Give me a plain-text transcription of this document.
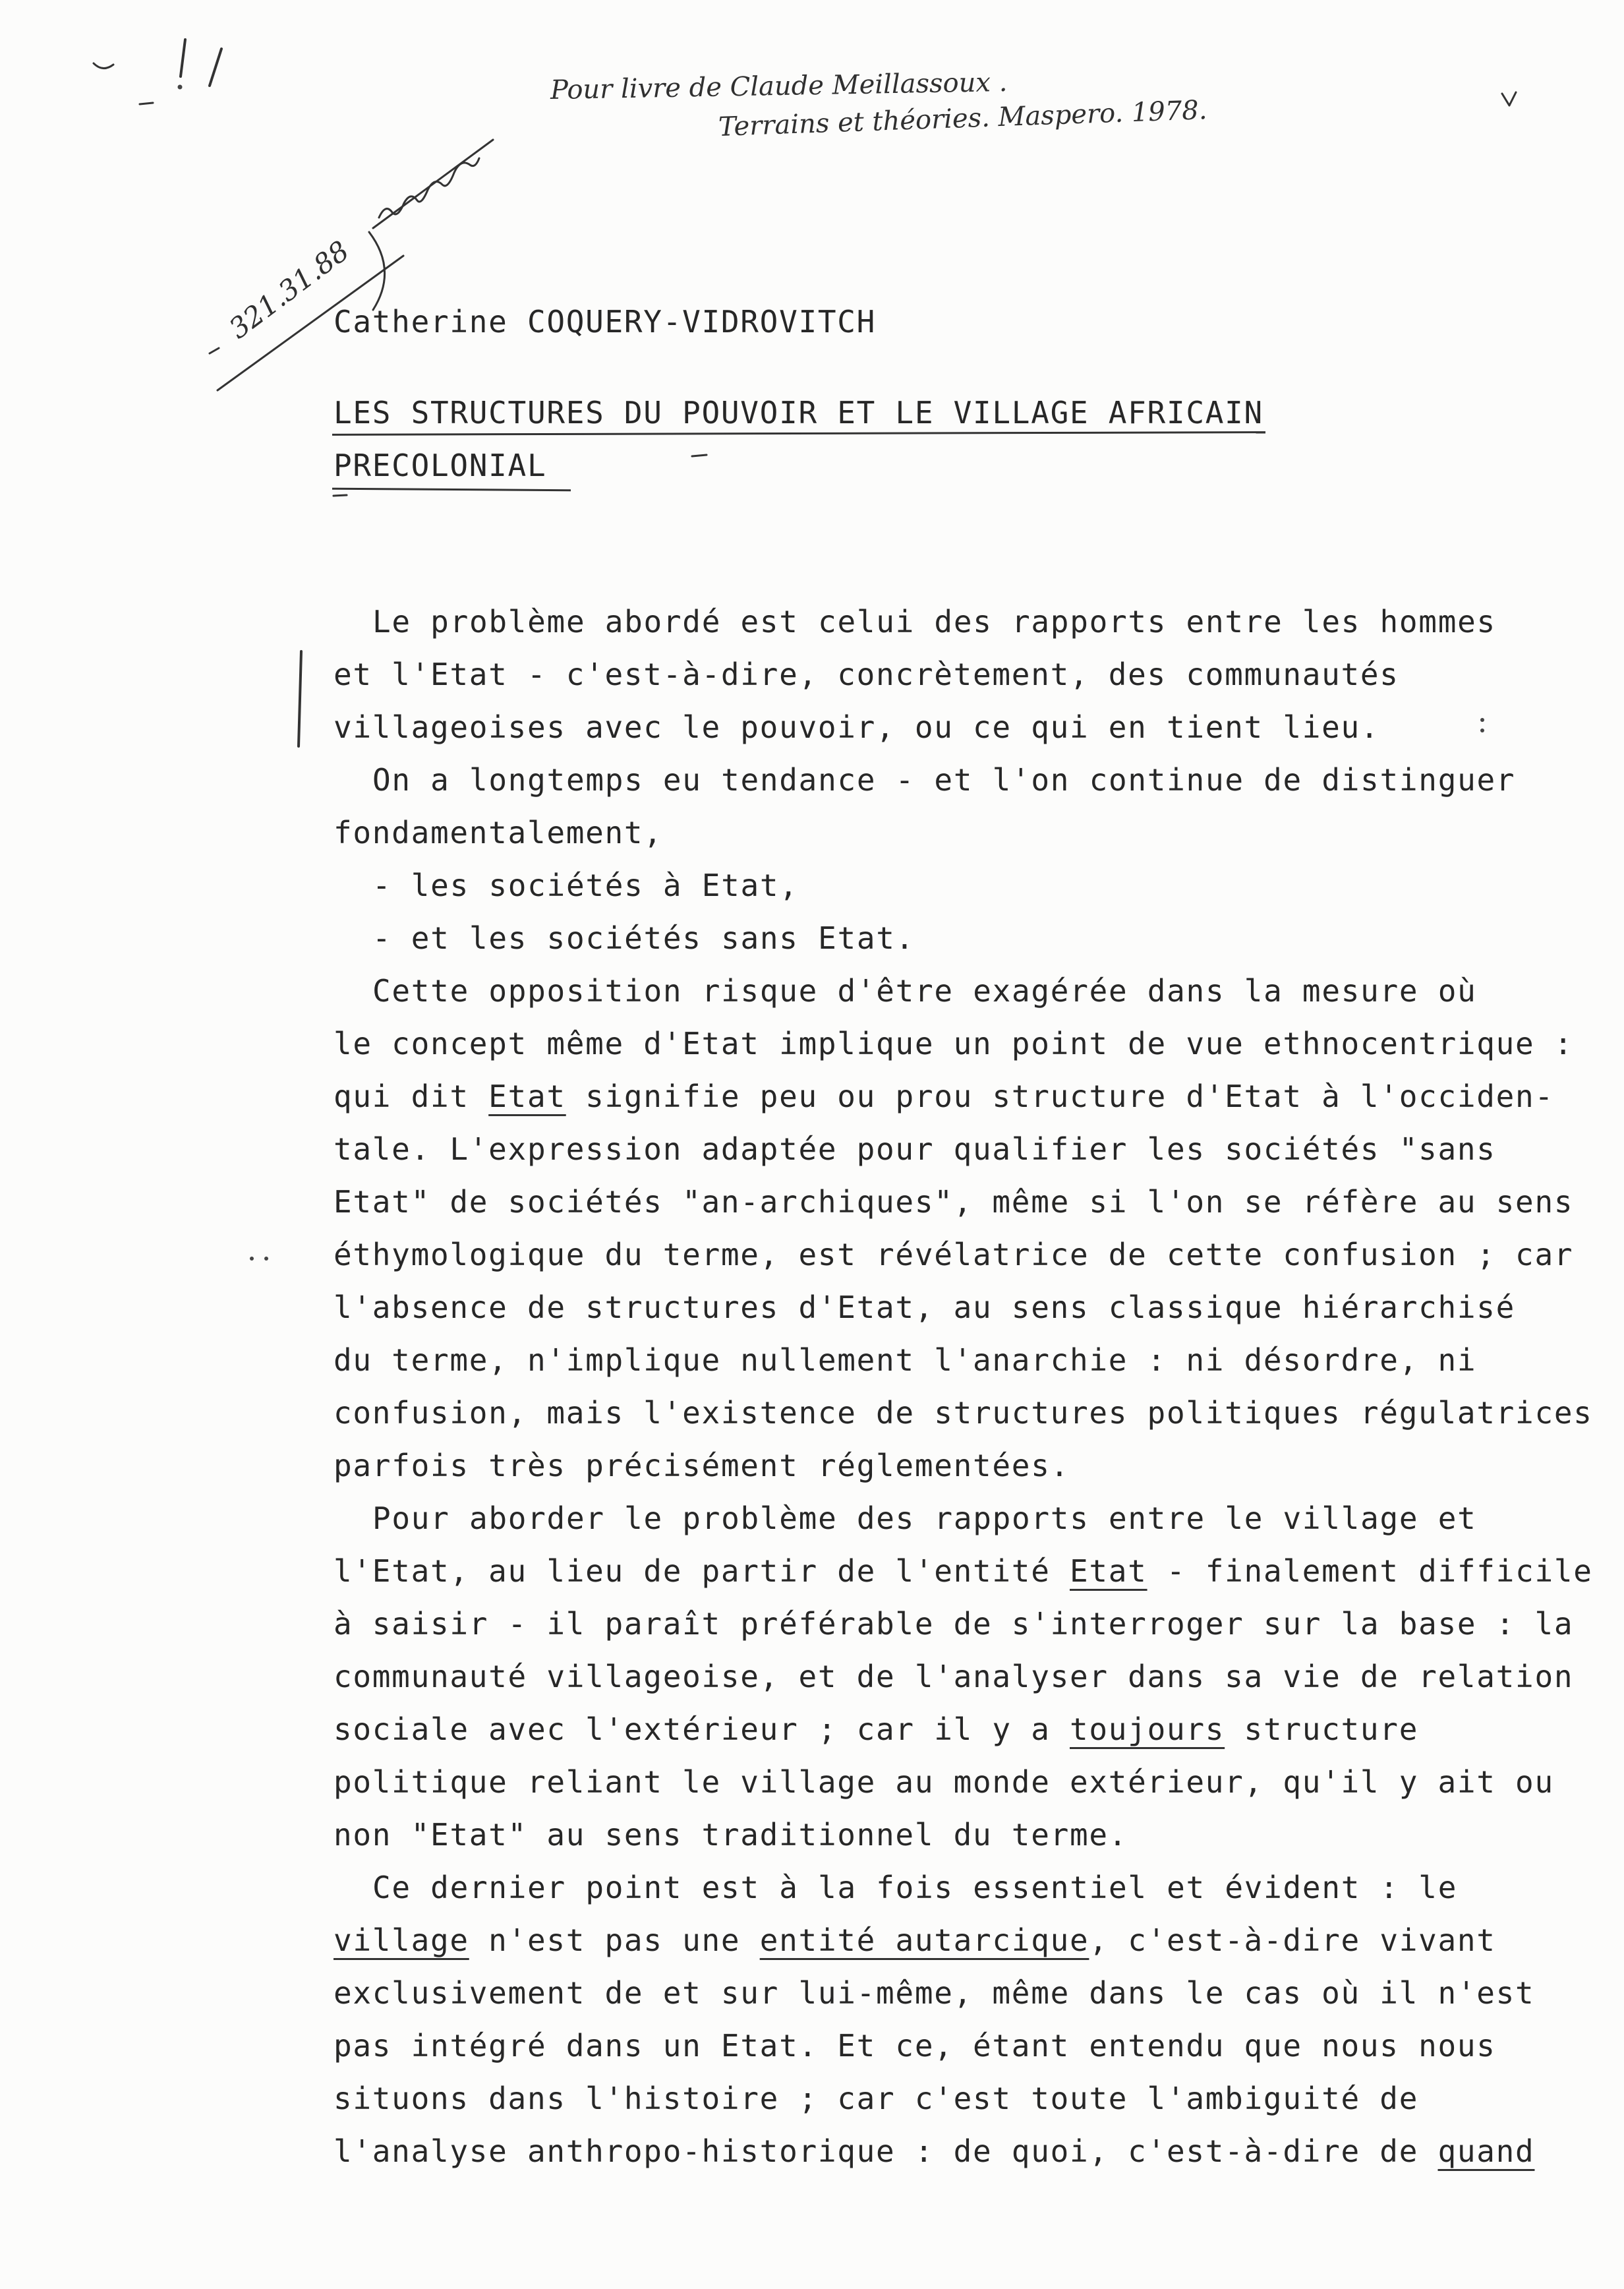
Pour livre de Claude Meillassoux .
Terrains et théories. Maspero. 1978.
321.31.88
Catherine COQUERY-VIDROVITCH
LES STRUCTURES DU POUVOIR ET LE VILLAGE AFRICAIN
PRECOLONIAL
Le problème abordé est celui des rapports entre les hommes
et l'Etat - c'est-à-dire, concrètement, des communautés
villageoises avec le pouvoir, ou ce qui en tient lieu.
On a longtemps eu tendance - et l'on continue de distinguer
fondamentalement,
- les sociétés à Etat,
- et les sociétés sans Etat.
Cette opposition risque d'être exagérée dans la mesure où
le concept même d'Etat implique un point de vue ethnocentrique :
qui dit Etat signifie peu ou prou structure d'Etat à l'occiden-
tale. L'expression adaptée pour qualifier les sociétés "sans
Etat" de sociétés "an-archiques", même si l'on se réfère au sens
éthymologique du terme, est révélatrice de cette confusion ; car
l'absence de structures d'Etat, au sens classique hiérarchisé
du terme, n'implique nullement l'anarchie : ni désordre, ni
confusion, mais l'existence de structures politiques régulatrices
parfois très précisément réglementées.
Pour aborder le problème des rapports entre le village et
l'Etat, au lieu de partir de l'entité Etat - finalement difficile
à saisir - il paraît préférable de s'interroger sur la base : la
communauté villageoise, et de l'analyser dans sa vie de relation
sociale avec l'extérieur ; car il y a toujours structure
politique reliant le village au monde extérieur, qu'il y ait ou
non "Etat" au sens traditionnel du terme.
Ce dernier point est à la fois essentiel et évident : le
village n'est pas une entité autarcique, c'est-à-dire vivant
exclusivement de et sur lui-même, même dans le cas où il n'est
pas intégré dans un Etat. Et ce, étant entendu que nous nous
situons dans l'histoire ; car c'est toute l'ambiguité de
l'analyse anthropo-historique : de quoi, c'est-à-dire de quand
